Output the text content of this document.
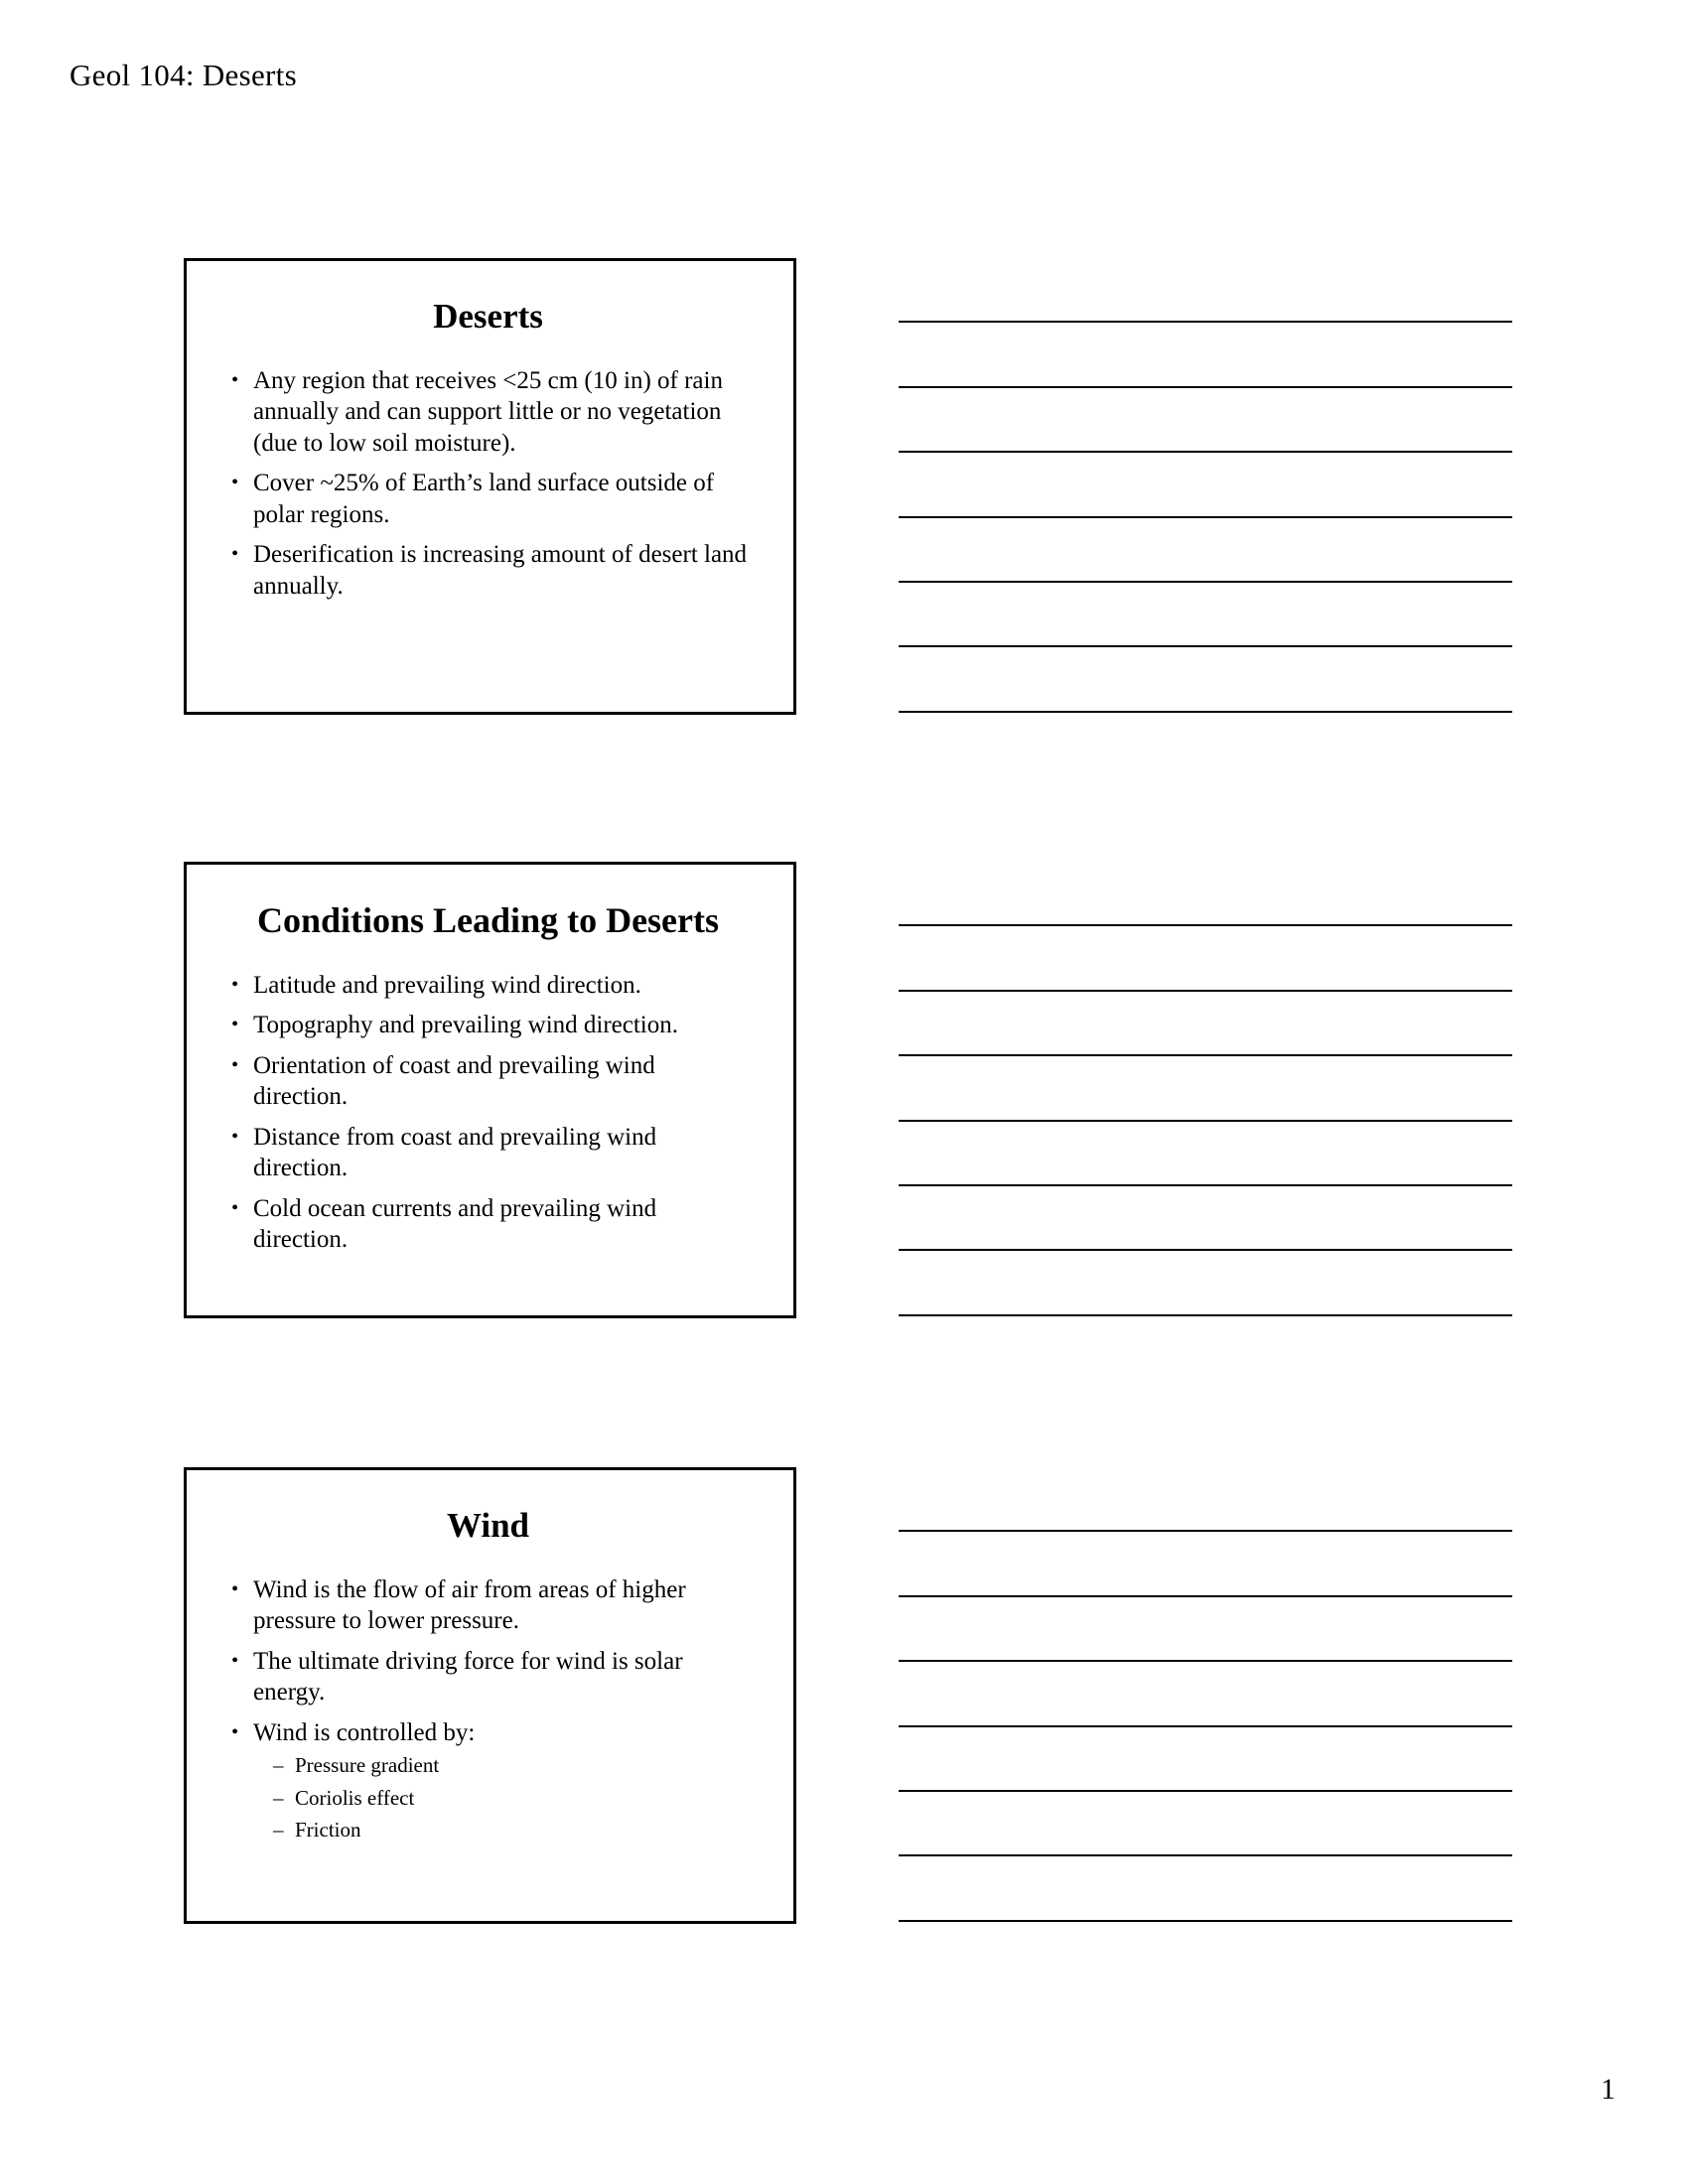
Geol 104: Deserts
Deserts
• Any region that receives <25 cm (10 in) of rain annually and can support little or no vegetation (due to low soil moisture).
• Cover ~25% of Earth’s land surface outside of polar regions.
• Deserification is increasing amount of desert land annually.
Conditions Leading to Deserts
• Latitude and prevailing wind direction.
• Topography and prevailing wind direction.
• Orientation of coast and prevailing wind direction.
• Distance from coast and prevailing wind direction.
• Cold ocean currents and prevailing wind direction.
Wind
• Wind is the flow of air from areas of higher pressure to lower pressure.
• The ultimate driving force for wind is solar energy.
• Wind is controlled by:
– Pressure gradient
– Coriolis effect
– Friction
1
